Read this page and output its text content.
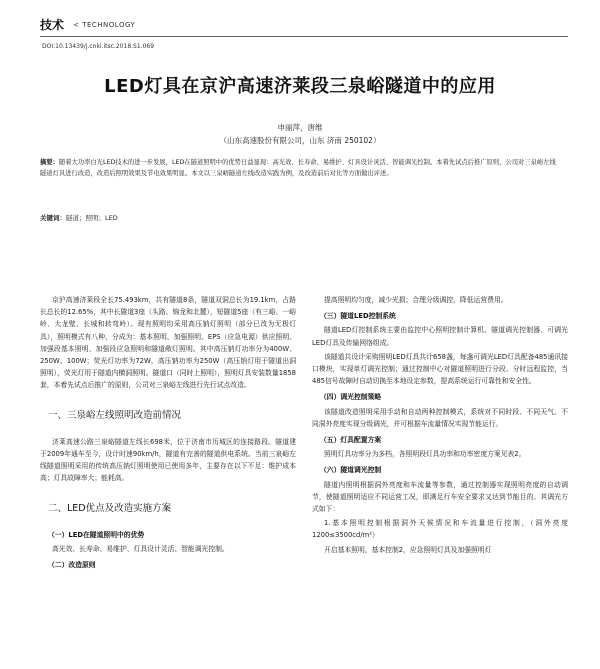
技术 < TECHNOLOGY
DOI:10.13439/j.cnki.itsc.2018.S1.069
LED灯具在京沪高速济莱段三泉峪隧道中的应用
申丽萍，唐维
（山东高速股份有限公司，山东 济南 250102）
摘要：随着大功率白光LED技术的进一步发展，LED在隧道照明中的优势日益显现：高光效、长寿命、易维护、灯具设计灵活、智能调光控制。本着先试点后推广原则，公司对三泉峪左线隧道灯具进行改造，改造后照明效果及节电效果明显。本文以三泉峪隧道左线改造实践为例，及改造前后对比等方面做出评述。
关键词：隧道；照明；LED

京沪高速济莱段全长75.493km，共有隧道8条，隧道双洞总长为19.1km，占路长总长的12.65%，其中长隧道3座（头路、锦龙和北麓），短隧道5座（有三峪、一峪岭、大龙壁、长城和转弯岭）。现有照明均采用高压钠灯照明（部分已改为无极灯具），照明模式有八种，分成为：基本照明、加强照明、EPS（应急电源）供应照明、加强段基本照明、加强段应急照明和隧道敞灯照明。其中高压钠灯功率分为400W、250W、100W；荧光灯功率为72W，高压钠功率为250W（高压钠灯用于隧道出洞照明），荧光灯用于隧道内横洞照明。隧道口（同时上照明），照明灯具安装数量1858套，本着先试点后推广的原则，公司对三泉峪左线进行先行试点改造。

一、三泉峪左线照明改造前情况

济莱高速公路三泉峪隧道左线长698米，位于济南市历城区的连接路段。隧道建于2009年通车至今，设计时速90km/h，隧道有完善的隧道供电系统。当前三泉峪左线隧道照明采用的传统高压钠灯照明使用已使用多年，主要存在以下不足：维护成本高；灯具故障率大；能耗高。

二、LED优点及改造实施方案
（一）LED在隧道照明中的优势

高光效、长寿命、易维护、灯具设计灵活、智能调光控制。

（二）改造原则

提高照明均匀度，减少光损；合理分级调控，降低运营费用。

（三）隧道LED控制系统

隧道LED灯控制系统主要由监控中心照明控制计算机、隧道调光控制器、可调光LED灯具及传输网络组成。

该隧道共设计采购照明LED灯具共计658盏，每盏可调光LED灯具配备485通讯接口模块，实现单灯调光控制；通过控制中心对隧道照明进行分段、分时远程监控，当485信号故障时自动切换至本地设定参数，提高系统运行可靠性和安全性。

（四）调光控制策略

该隧道改造照明采用手动和自动两种控制模式，系统对不同时段、不同天气、不同洞外亮度实现分级调光，并可根据车流量情况实现节能运行。

（五）灯具配置方案

照明灯具功率分为多档，各照明段灯具功率和功率密度方案见表2。

（六）隧道调光控制

隧道内照明根据洞外亮度和车流量等参数，通过控制器实现照明亮度的自动调节，使隧道照明适应不同运营工况，即满足行车安全要求又达到节能目的。其调光方式如下：

1.基本照明控制根据洞外天候情况和车流量进行控制，（洞外亮度1200≤3500cd/m²）

开启基本照明，基本控制2，应急照明灯具及加强照明灯
